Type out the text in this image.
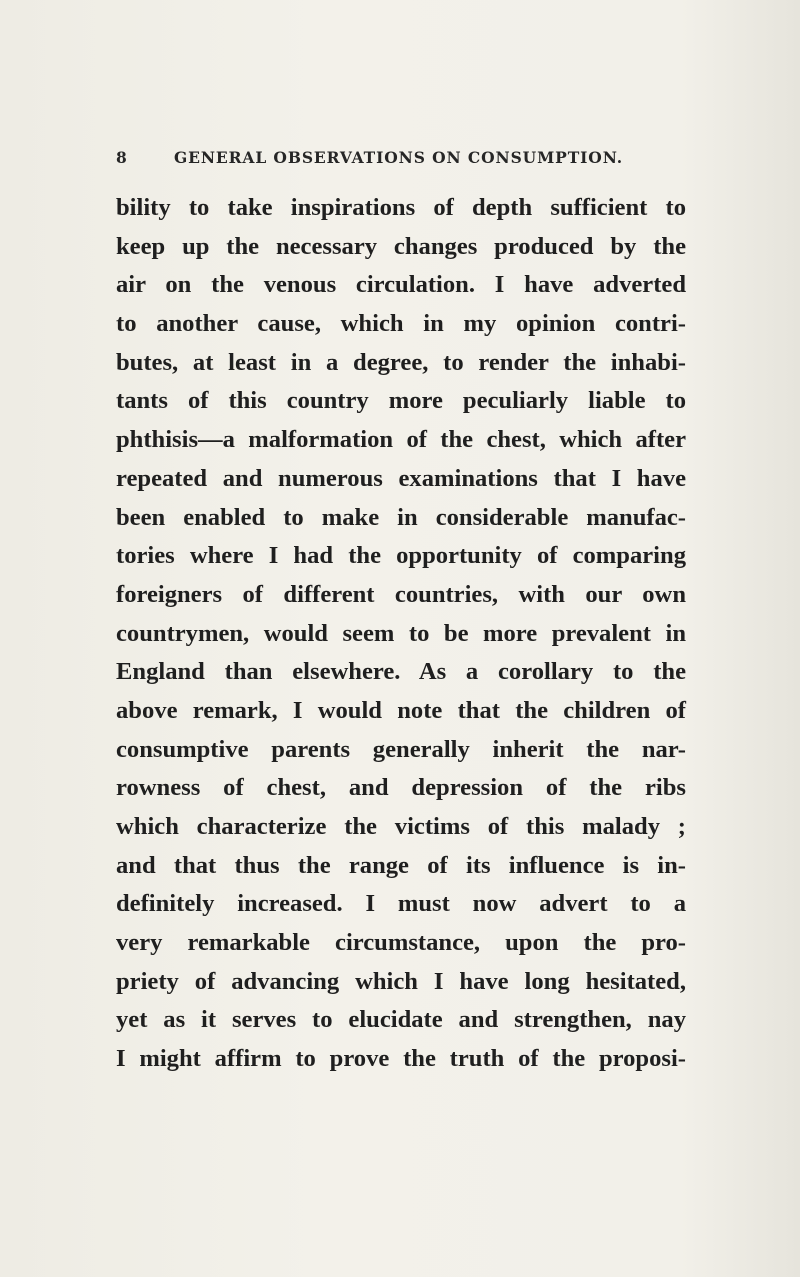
8	GENERAL OBSERVATIONS ON CONSUMPTION.
bility to take inspirations of depth sufficient to
keep up the necessary changes produced by the
air on the venous circulation. I have adverted
to another cause, which in my opinion contri-
butes, at least in a degree, to render the inhabi-
tants of this country more peculiarly liable to
phthisis—a malformation of the chest, which after
repeated and numerous examinations that I have
been enabled to make in considerable manufac-
tories where I had the opportunity of comparing
foreigners of different countries, with our own
countrymen, would seem to be more prevalent in
England than elsewhere. As a corollary to the
above remark, I would note that the children of
consumptive parents generally inherit the nar-
rowness of chest, and depression of the ribs
which characterize the victims of this malady ;
and that thus the range of its influence is in-
definitely increased. I must now advert to a
very remarkable circumstance, upon the pro-
priety of advancing which I have long hesitated,
yet as it serves to elucidate and strengthen, nay
I might affirm to prove the truth of the proposi-
